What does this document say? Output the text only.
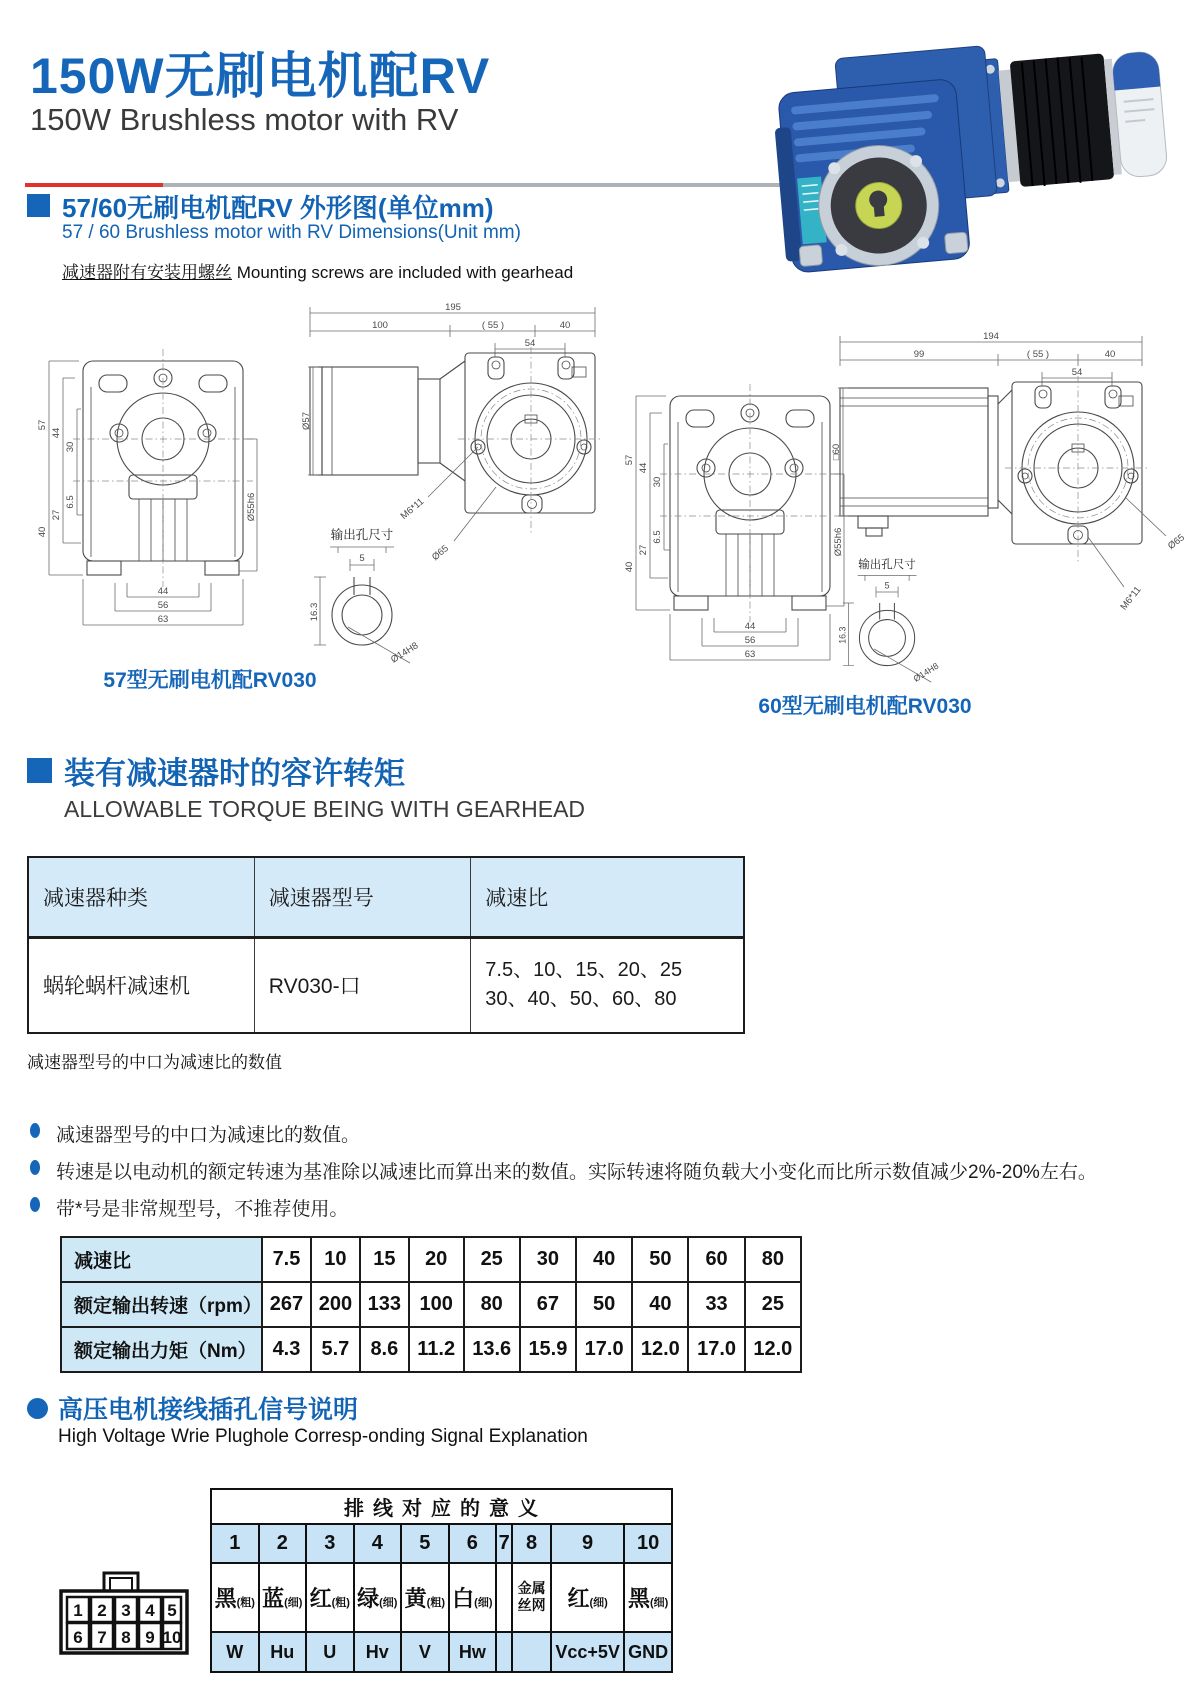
150W无刷电机配RV
150W Brushless motor with RV
57/60无刷电机配RV 外形图(单位mm)
57 / 60 Brushless motor with RV Dimensions(Unit mm)
减速器附有安装用螺丝 Mounting screws are included with gearhead
57
44
30
40
27
6.5
44
56
63
Ø55h6
195
100	( 55 )	40
54
Ø57
M6*11
Ø65
输出孔尺寸
5
16.3
Ø14H8
57
44
30
40
27
6.5
44
56
63
Ø55h6
194
99	( 55 )	40
54
□60
Ø65
M6*11
输出孔尺寸
5
16.3
Ø14H8
57型无刷电机配RV030
60型无刷电机配RV030
装有减速器时的容许转矩
ALLOWABLE TORQUE BEING WITH GEARHEAD
减速器种类	减速器型号	减速比
蜗轮蜗杆减速机	RV030-口	7.5、10、15、20、25
30、40、50、60、80
减速器型号的中口为减速比的数值
减速器型号的中口为减速比的数值。
转速是以电动机的额定转速为基准除以减速比而算出来的数值。实际转速将随负载大小变化而比所示数值减少2%-20%左右。
带*号是非常规型号，不推荐使用。
减速比	7.5	10	15	20	25	30	40	50	60	80
额定输出转速（rpm）	267	200	133	100	80	67	50	40	33	25
额定输出力矩（Nm）	4.3	5.7	8.6	11.2	13.6	15.9	17.0	12.0	17.0	12.0
高压电机接线插孔信号说明
High Voltage Wrie Plughole Corresp-onding Signal Explanation
排线对应的意义									
1	2	3	4	5	6	7	8	9	10
黑(粗)	蓝(细)	红(粗)	绿(细)	黄(粗)	白(细)		金属丝网	红(细)	黑(细)
W	Hu	U	Hv	V	Hw			Vcc+5V	GND
1 2 3 4 5
6 7 8 9 10
